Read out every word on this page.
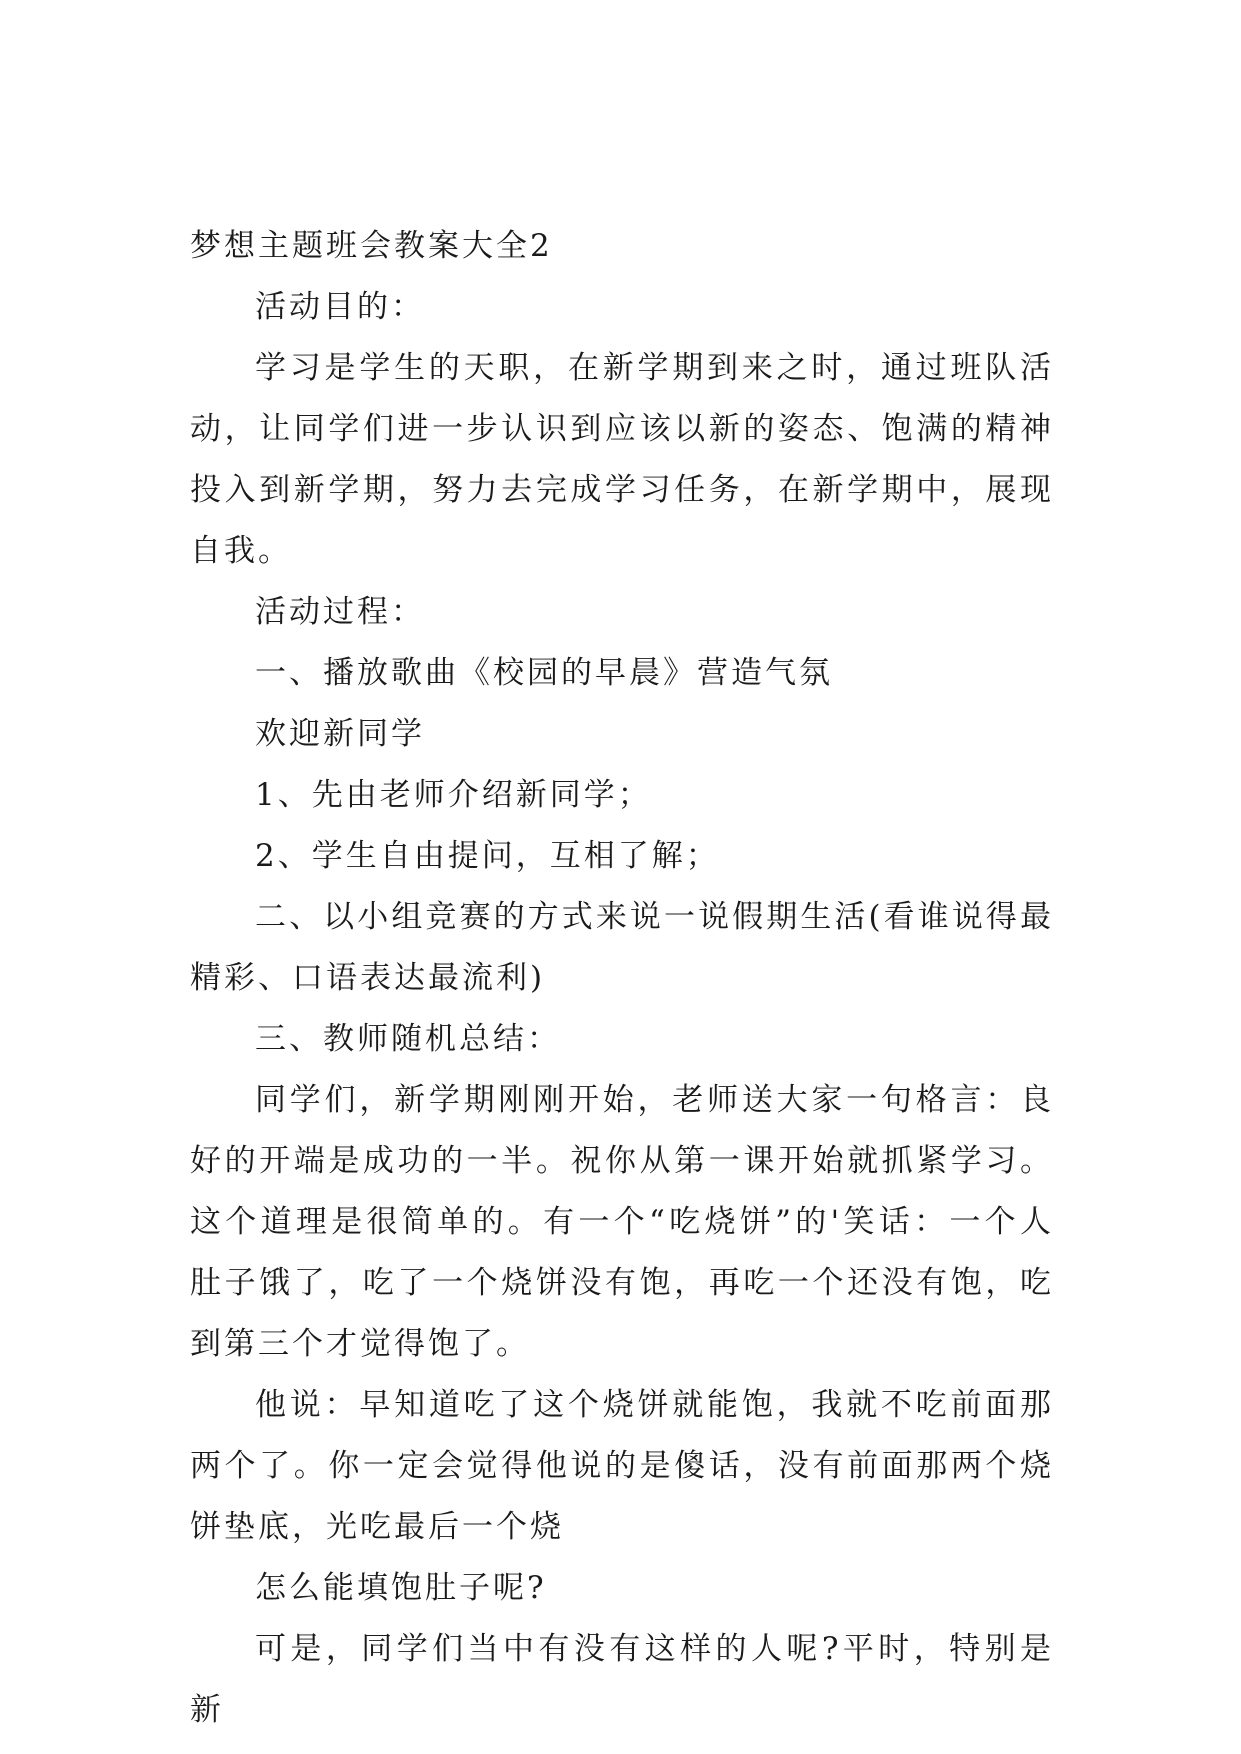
梦想主题班会教案大全2

活动目的：

学习是学生的天职，在新学期到来之时，通过班队活动，让同学们进一步认识到应该以新的姿态、饱满的精神投入到新学期，努力去完成学习任务，在新学期中，展现自我。

活动过程：

一、播放歌曲《校园的早晨》营造气氛

欢迎新同学

1、先由老师介绍新同学；

2、学生自由提问，互相了解；

二、以小组竞赛的方式来说一说假期生活(看谁说得最精彩、口语表达最流利)

三、教师随机总结：

同学们，新学期刚刚开始，老师送大家一句格言：良好的开端是成功的一半。祝你从第一课开始就抓紧学习。这个道理是很简单的。有一个“吃烧饼”的'笑话：一个人肚子饿了，吃了一个烧饼没有饱，再吃一个还没有饱，吃到第三个才觉得饱了。

他说：早知道吃了这个烧饼就能饱，我就不吃前面那两个了。你一定会觉得他说的是傻话，没有前面那两个烧饼垫底，光吃最后一个烧

怎么能填饱肚子呢?

可是，同学们当中有没有这样的人呢?平时，特别是新
